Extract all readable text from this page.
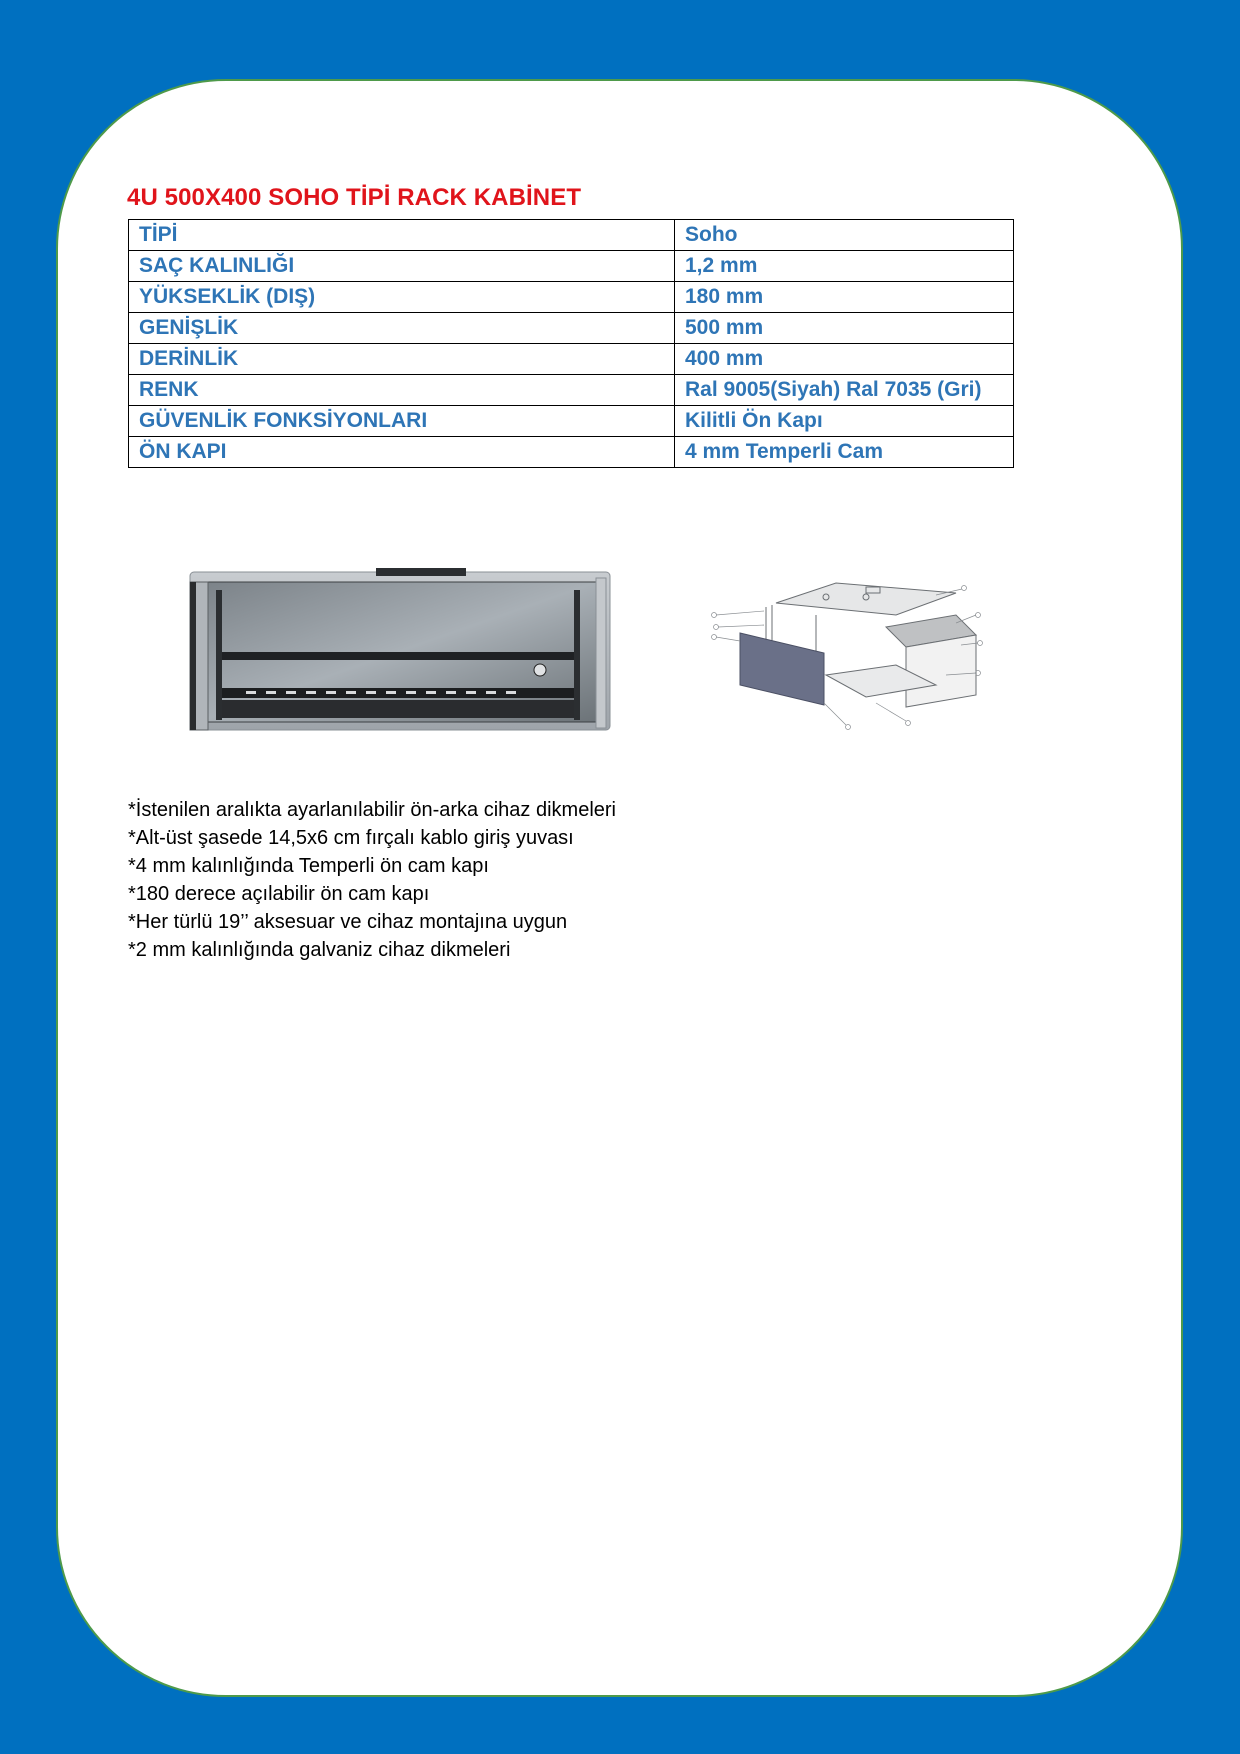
4U 500X400 SOHO TİPİ RACK KABİNET
TİPİ	Soho
SAÇ KALINLIĞI	1,2 mm
YÜKSEKLİK (DIŞ)	180 mm
GENİŞLİK	500 mm
DERİNLİK	400 mm
RENK	Ral 9005(Siyah) Ral 7035 (Gri)
GÜVENLİK FONKSİYONLARI	Kilitli Ön Kapı
ÖN KAPI	4 mm Temperli Cam
*İstenilen aralıkta ayarlanılabilir ön-arka cihaz dikmeleri
*Alt-üst şasede 14,5x6 cm fırçalı kablo giriş yuvası
*4 mm kalınlığında Temperli ön cam kapı
*180 derece açılabilir ön cam kapı
*Her türlü 19’’ aksesuar ve cihaz montajına uygun
*2 mm kalınlığında galvaniz cihaz dikmeleri
